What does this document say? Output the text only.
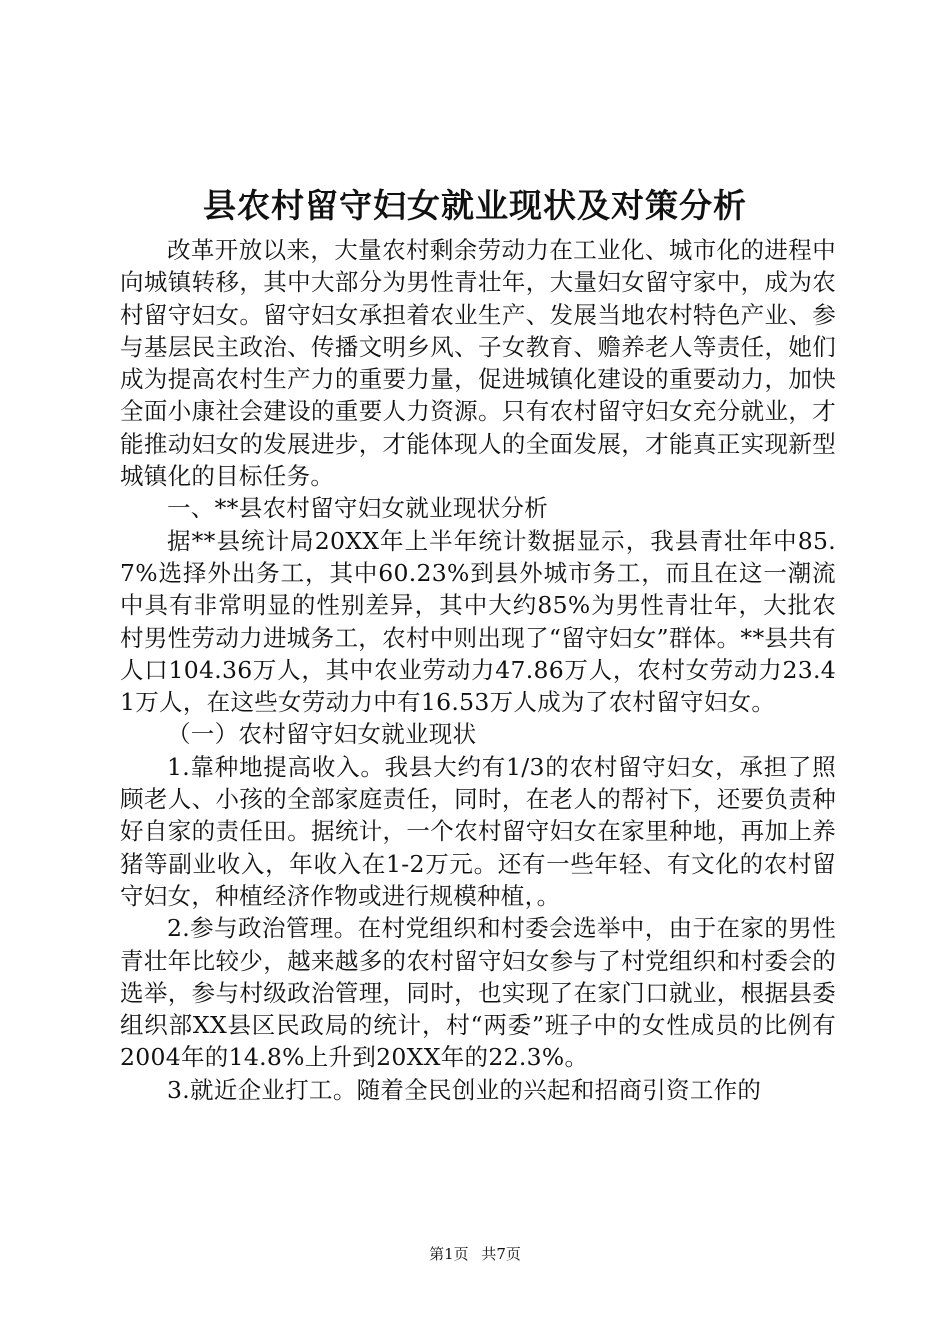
县农村留守妇女就业现状及对策分析

改革开放以来，大量农村剩余劳动力在工业化、城市化的进程中向城镇转移，其中大部分为男性青壮年，大量妇女留守家中，成为农村留守妇女。留守妇女承担着农业生产、发展当地农村特色产业、参与基层民主政治、传播文明乡风、子女教育、赡养老人等责任，她们成为提高农村生产力的重要力量，促进城镇化建设的重要动力，加快全面小康社会建设的重要人力资源。只有农村留守妇女充分就业，才能推动妇女的发展进步，才能体现人的全面发展，才能真正实现新型城镇化的目标任务。

一、**县农村留守妇女就业现状分析

据**县统计局20XX年上半年统计数据显示，我县青壮年中85.7%选择外出务工，其中60.23%到县外城市务工，而且在这一潮流中具有非常明显的性别差异，其中大约85%为男性青壮年，大批农村男性劳动力进城务工，农村中则出现了“留守妇女”群体。**县共有人口104.36万人，其中农业劳动力47.86万人，农村女劳动力23.41万人，在这些女劳动力中有16.53万人成为了农村留守妇女。

（一）农村留守妇女就业现状

1.靠种地提高收入。我县大约有1/3的农村留守妇女，承担了照顾老人、小孩的全部家庭责任，同时，在老人的帮衬下，还要负责种好自家的责任田。据统计，一个农村留守妇女在家里种地，再加上养猪等副业收入，年收入在1-2万元。还有一些年轻、有文化的农村留守妇女，种植经济作物或进行规模种植，。

2.参与政治管理。在村党组织和村委会选举中，由于在家的男性青壮年比较少，越来越多的农村留守妇女参与了村党组织和村委会的选举，参与村级政治管理，同时，也实现了在家门口就业，根据县委组织部XX县区民政局的统计，村“两委”班子中的女性成员的比例有2004年的14.8%上升到20XX年的22.3%。

3.就近企业打工。随着全民创业的兴起和招商引资工作的

第1页 共7页
